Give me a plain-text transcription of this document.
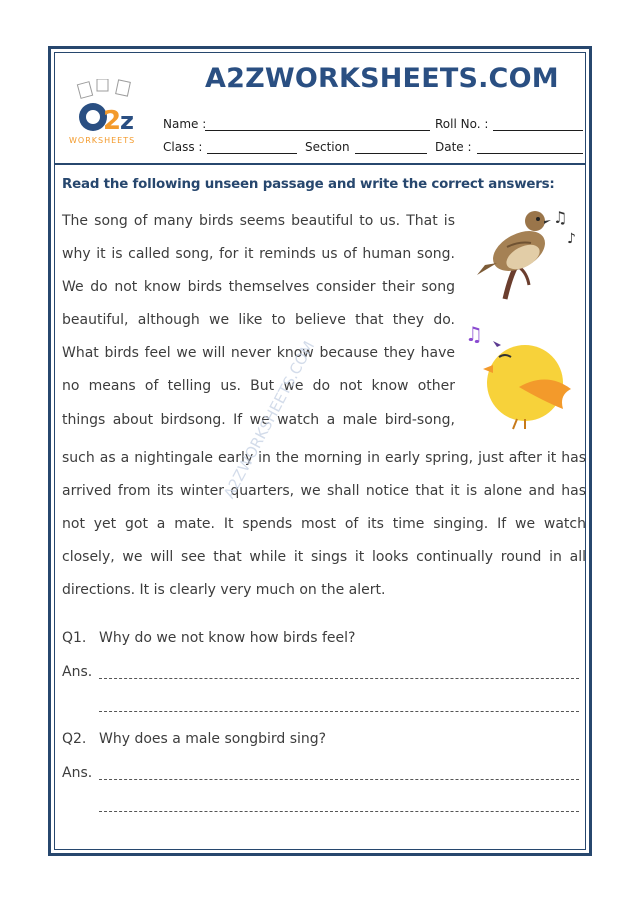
2
z
WORKSHEETS
A2ZWORKSHEETS.COM
Name :	Roll No. :
Class :	Section	Date :
Read the following unseen passage and write the correct answers:
The song of many birds seems beautiful to us. That is
why it is called song, for it reminds us of human song.
We do not know birds themselves consider their song
beautiful, although we like to believe that they do.
What birds feel we will never know because they have
no means of telling us. But we do not know other
things about birdsong. If we watch a male bird-song,
such as a nightingale early in the morning in early spring, just after it has
arrived from its winter quarters, we shall notice that it is alone and has
not yet got a mate. It spends most of its time singing. If we watch
closely, we will see that while it sings it looks continually round in all
directions. It is clearly very much on the alert.
♫
♪
♫
A2ZWORKSHEETS.COM
Q1. Why do we not know how birds feel?
Ans.
Q2. Why does a male songbird sing?
Ans.
